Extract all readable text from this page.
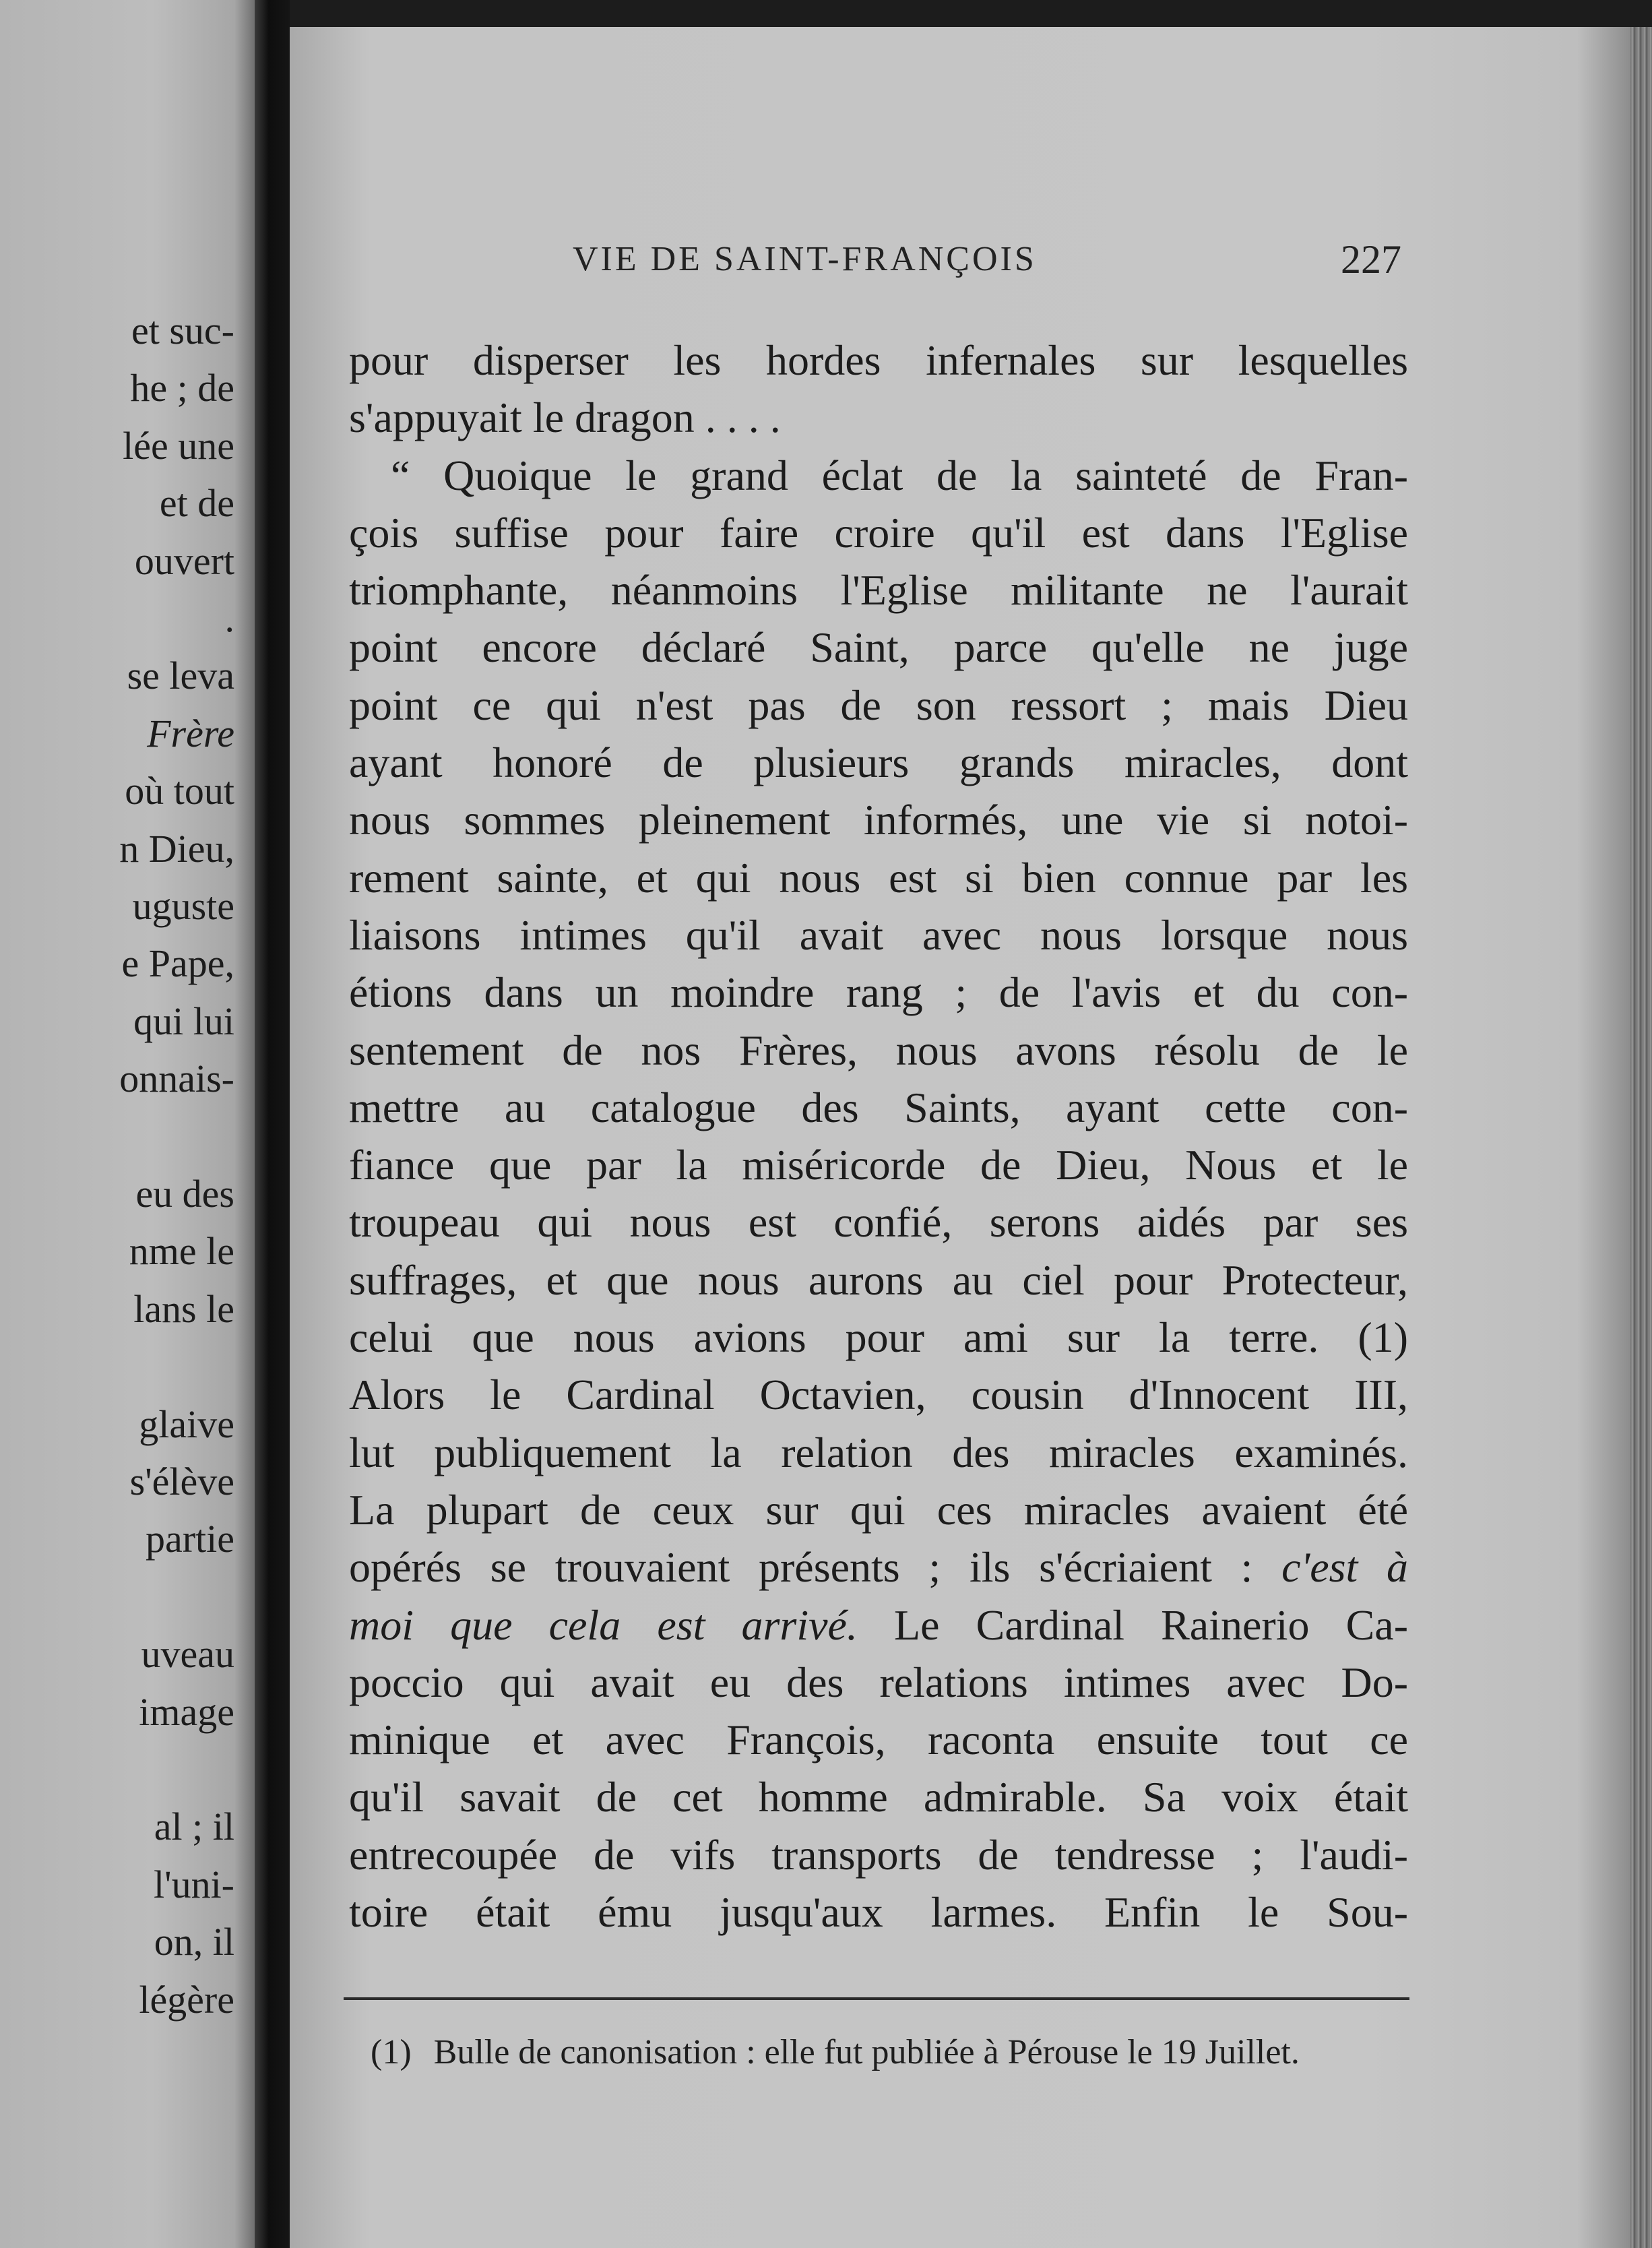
et suc-
he ; de
lée une
et de
ouvert
.
se leva
Frère
où tout
n Dieu,
uguste
e Pape,
qui lui
onnais-
eu des
nme le
lans le
glaive
s'élève
partie
uveau
image
al ; il
l'uni-
on, il
légère
VIE DE SAINT-FRANÇOIS	227
pour disperser les hordes infernales sur lesquelles
s'appuyait le dragon . . . .
“ Quoique le grand éclat de la sainteté de Fran-
çois suffise pour faire croire qu'il est dans l'Eglise
triomphante, néanmoins l'Eglise militante ne l'aurait
point encore déclaré Saint, parce qu'elle ne juge
point ce qui n'est pas de son ressort ; mais Dieu
ayant honoré de plusieurs grands miracles, dont
nous sommes pleinement informés, une vie si notoi-
rement sainte, et qui nous est si bien connue par les
liaisons intimes qu'il avait avec nous lorsque nous
étions dans un moindre rang ; de l'avis et du con-
sentement de nos Frères, nous avons résolu de le
mettre au catalogue des Saints, ayant cette con-
fiance que par la miséricorde de Dieu, Nous et le
troupeau qui nous est confié, serons aidés par ses
suffrages, et que nous aurons au ciel pour Protecteur,
celui que nous avions pour ami sur la terre. (1)
Alors le Cardinal Octavien, cousin d'Innocent III,
lut publiquement la relation des miracles examinés.
La plupart de ceux sur qui ces miracles avaient été
opérés se trouvaient présents ; ils s'écriaient : c'est à
moi que cela est arrivé. Le Cardinal Rainerio Ca-
poccio qui avait eu des relations intimes avec Do-
minique et avec François, raconta ensuite tout ce
qu'il savait de cet homme admirable. Sa voix était
entrecoupée de vifs transports de tendresse ; l'audi-
toire était ému jusqu'aux larmes. Enfin le Sou-
(1) Bulle de canonisation : elle fut publiée à Pérouse le 19 Juillet.
